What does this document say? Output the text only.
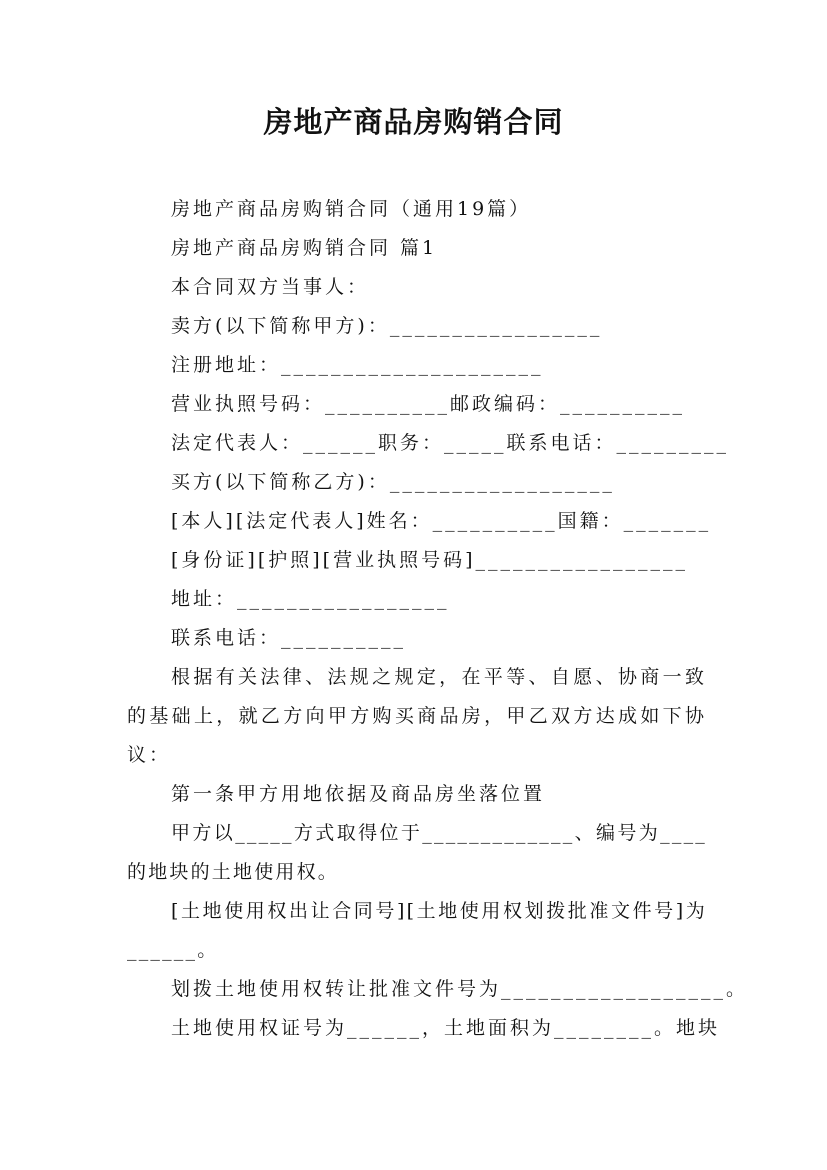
房地产商品房购销合同

房地产商品房购销合同（通用19篇）

房地产商品房购销合同 篇1

本合同双方当事人：

卖方(以下简称甲方)：_________________

注册地址：_____________________

营业执照号码：__________邮政编码：__________

法定代表人：______职务：_____联系电话：_________

买方(以下简称乙方)：__________________

[本人][法定代表人]姓名：__________国籍：_______

[身份证][护照][营业执照号码]_________________

地址：_________________

联系电话：__________

根据有关法律、法规之规定，在平等、自愿、协商一致的基础上，就乙方向甲方购买商品房，甲乙双方达成如下协议：

第一条甲方用地依据及商品房坐落位置

甲方以_____方式取得位于_____________、编号为____的地块的土地使用权。

[土地使用权出让合同号][土地使用权划拨批准文件号]为______。

划拨土地使用权转让批准文件号为__________________。

土地使用权证号为______，土地面积为________。地块
